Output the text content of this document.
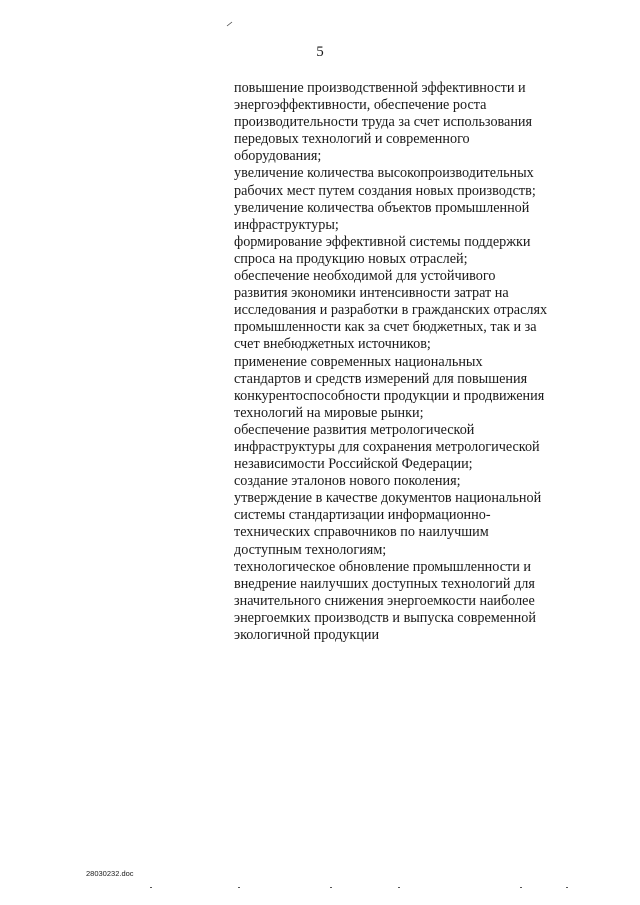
5
повышение производственной эффективности и
энергоэффективности, обеспечение роста
производительности труда за счет использования
передовых технологий и современного
оборудования;
увеличение количества высокопроизводительных
рабочих мест путем создания новых производств;
увеличение количества объектов промышленной
инфраструктуры;
формирование эффективной системы поддержки
спроса на продукцию новых отраслей;
обеспечение необходимой для устойчивого
развития экономики интенсивности затрат на
исследования и разработки в гражданских отраслях
промышленности как за счет бюджетных, так и за
счет внебюджетных источников;
применение современных национальных
стандартов и средств измерений для повышения
конкурентоспособности продукции и продвижения
технологий на мировые рынки;
обеспечение развития метрологической
инфраструктуры для сохранения метрологической
независимости Российской Федерации;
создание эталонов нового поколения;
утверждение в качестве документов национальной
системы стандартизации информационно-
технических справочников по наилучшим
доступным технологиям;
технологическое обновление промышленности и
внедрение наилучших доступных технологий для
значительного снижения энергоемкости наиболее
энергоемких производств и выпуска современной
экологичной продукции
28030232.doc
